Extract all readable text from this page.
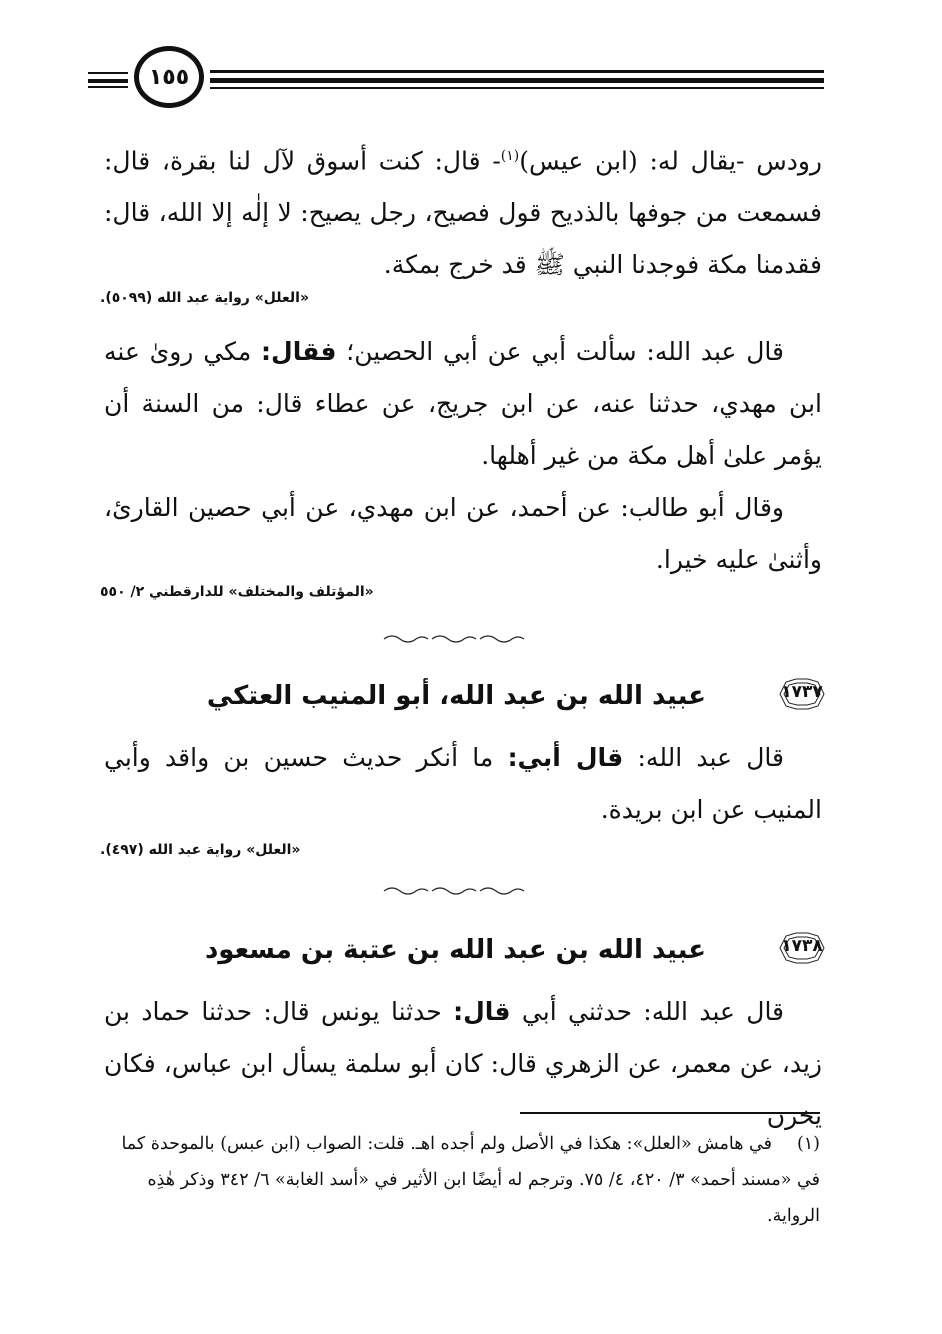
١٥٥

رودس -يقال له: (ابن عيس)$^{(١)}$- قال: كنت أسوق لآل لنا بقرة، قال: فسمعت من جوفها بالذديح قول فصيح، رجل يصيح: لا إلٰه إلا الله، قال: فقدمنا مكة فوجدنا النبي ﷺ قد خرج بمكة.

«العلل» رواية عبد الله (٥٠٩٩).

قال عبد الله: سألت أبي عن أبي الحصين؛ فقال: مكي روىٰ عنه ابن مهدي، حدثنا عنه، عن ابن جريج، عن عطاء قال: من السنة أن يؤمر علىٰ أهل مكة من غير أهلها.

وقال أبو طالب: عن أحمد، عن ابن مهدي، عن أبي حصين القارئ، وأثنىٰ عليه خيرا.

«المؤتلف والمختلف» للدارقطني ٢/ ٥٥٠
١٧٣٧
عبيد الله بن عبد الله، أبو المنيب العتكي

قال عبد الله: قال أبي: ما أنكر حديث حسين بن واقد وأبي المنيب عن ابن بريدة.

«العلل» رواية عبد الله (٤٩٧).
١٧٣٨
عبيد الله بن عبد الله بن عتبة بن مسعود

قال عبد الله: حدثني أبي قال: حدثنا يونس قال: حدثنا حماد بن زيد، عن معمر، عن الزهري قال: كان أبو سلمة يسأل ابن عباس، فكان يخزن

(١)في هامش «العلل»: هكذا في الأصل ولم أجده اهـ. قلت: الصواب (ابن عبس) بالموحدة كما في «مسند أحمد» ٣/ ٤٢٠، ٤/ ٧٥. وترجم له أيضًا ابن الأثير في «أسد الغابة» ٦/ ٣٤٢ وذكر هٰذِه الرواية.
